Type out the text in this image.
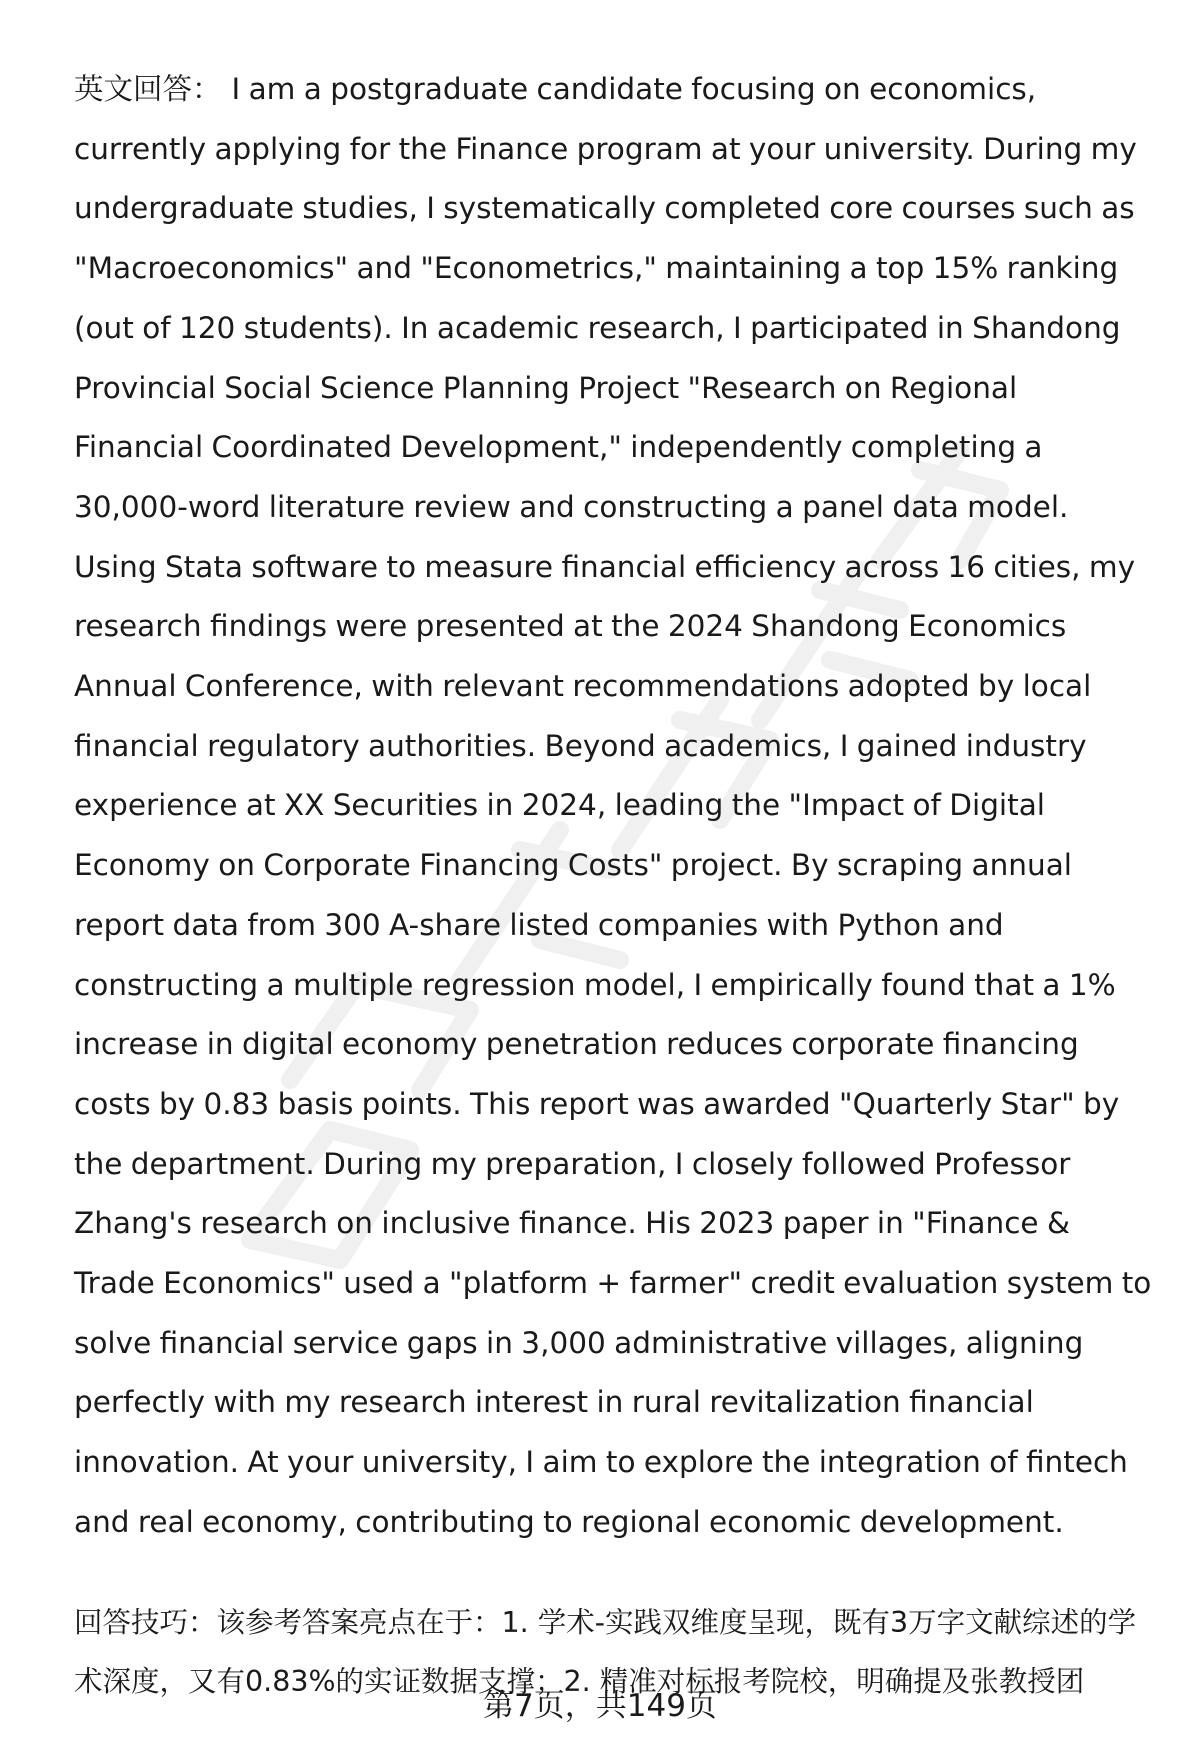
英文回答： I am a postgraduate candidate focusing on economics, currently applying for the Finance program at your university. During my undergraduate studies, I systematically completed core courses such as "Macroeconomics" and "Econometrics," maintaining a top 15% ranking (out of 120 students). In academic research, I participated in Shandong Provincial Social Science Planning Project "Research on Regional Financial Coordinated Development," independently completing a 30,000-word literature review and constructing a panel data model. Using Stata software to measure financial efficiency across 16 cities, my research findings were presented at the 2024 Shandong Economics Annual Conference, with relevant recommendations adopted by local financial regulatory authorities. Beyond academics, I gained industry experience at XX Securities in 2024, leading the "Impact of Digital Economy on Corporate Financing Costs" project. By scraping annual report data from 300 A-share listed companies with Python and constructing a multiple regression model, I empirically found that a 1% increase in digital economy penetration reduces corporate financing costs by 0.83 basis points. This report was awarded "Quarterly Star" by the department. During my preparation, I closely followed Professor Zhang's research on inclusive finance. His 2023 paper in "Finance & Trade Economics" used a "platform + farmer" credit evaluation system to solve financial service gaps in 3,000 administrative villages, aligning perfectly with my research interest in rural revitalization financial innovation. At your university, I aim to explore the integration of fintech and real economy, contributing to regional economic development.

回答技巧：该参考答案亮点在于：1. 学术-实践双维度呈现，既有3万字文献综述的学术深度，又有0.83%的实证数据支撑；2. 精准对标报考院校，明确提及张教授团

第7页，共149页
